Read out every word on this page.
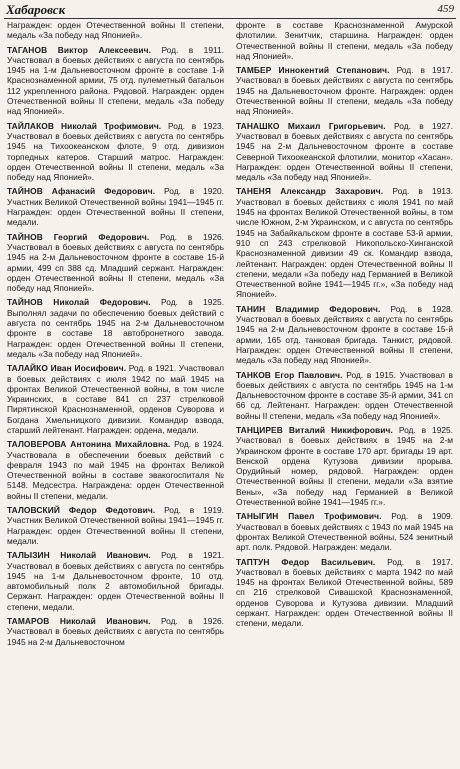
Хабаровск	459

Награжден: орден Отечественной войны II степени, медаль «За победу над Японией».

ТАГАНОВ Виктор Алексеевич. Род. в 1911. Участвовал в боевых действиях с августа по сентябрь 1945 на 1-м Дальневосточном фронте в составе 1-й Краснознаменной армии, 75 отд. пулеметный батальон 112 укрепленного района. Рядовой. Награжден: орден Отечественной войны II степени, медаль «За победу над Японией».

ТАЙЛАКОВ Николай Трофимович. Род. в 1923. Участвовал в боевых действиях с августа по сентябрь 1945 на Тихоокеанском флоте, 9 отд. дивизион торпедных катеров. Старший матрос. Награжден: орден Отечественной войны II степени, медаль «За победу над Японией».

ТАЙНОВ Афанасий Федорович. Род. в 1920. Участник Великой Отечественной войны 1941—1945 гг. Награжден: орден Отечественной войны II степени, медали.

ТАЙНОВ Георгий Федорович. Род. в 1926. Участвовал в боевых действиях с августа по сентябрь 1945 на 2-м Дальневосточном фронте в составе 15-й армии, 499 сп 388 сд. Младший сержант. Награжден: орден Отечественной войны II степени, медаль «За победу над Японией».

ТАЙНОВ Николай Федорович. Род. в 1925. Выполнял задачи по обеспечению боевых действий с августа по сентябрь 1945 на 2-м Дальневосточном фронте в составе 18 автобронетного завода. Награжден: орден Отечественной войны II степени, медаль «За победу над Японией».

ТАЛАЙКО Иван Иосифович. Род. в 1921. Участвовал в боевых действиях с июля 1942 по май 1945 на фронтах Великой Отечественной войны, в том числе Украинских, в составе 841 сп 237 стрелковой Пирятинской Краснознаменной, орденов Суворова и Богдана Хмельницкого дивизии. Командир взвода, старший лейтенант. Награжден: ордена, медали.

ТАЛОВЕРОВА Антонина Михайловна. Род. в 1924. Участвовала в обеспечении боевых действий с февраля 1943 по май 1945 на фронтах Великой Отечественной войны в составе эвакогоспиталя № 5148. Медсестра. Награждена: орден Отечественной войны II степени, медали.

ТАЛОВСКИЙ Федор Федотович. Род. в 1919. Участник Великой Отечественной войны 1941—1945 гг. Награжден: орден Отечественной войны II степени, медали.

ТАЛЫЗИН Николай Иванович. Род. в 1921. Участвовал в боевых действиях с августа по сентябрь 1945 на 1-м Дальневосточном фронте, 10 отд. автомобильный полк 2 автомобильной бригады. Сержант. Награжден: орден Отечественной войны II степени, медали.

ТАМАРОВ Николай Иванович. Род. в 1926. Участвовал в боевых действиях с августа по сентябрь 1945 на 2-м Дальневосточном

фронте в составе Краснознаменной Амурской флотилии. Зенитчик, старшина. Награжден: орден Отечественной войны II степени, медаль «За победу над Японией».

ТАМБЕР Иннокентий Степанович. Род. в 1917. Участвовал в боевых действиях с августа по сентябрь 1945 на Дальневосточном фронте. Награжден: орден Отечественной войны II степени, медаль «За победу над Японией».

ТАНАШКО Михаил Григорьевич. Род. в 1927. Участвовал в боевых действиях с августа по сентябрь 1945 на 2-м Дальневосточном фронте в составе Северной Тихоокеанской флотилии, монитор «Хасан». Награжден: орден Отечественной войны II степени, медаль «За победу над Японией».

ТАНЕНЯ Александр Захарович. Род. в 1913. Участвовал в боевых действиях с июля 1941 по май 1945 на фронтах Великой Отечественной войны, в том числе Южном, 2-м Украинском, и с августа по сентябрь 1945 на Забайкальском фронте в составе 53-й армии, 910 сп 243 стрелковой Никопольско-Хинганской Краснознаменной дивизии 49 ск. Командир взвода, лейтенант. Награжден: орден Отечественной войны II степени, медали «За победу над Германией в Великой Отечественной войне 1941—1945 гг.», «За победу над Японией».

ТАНИН Владимир Федорович. Род. в 1928. Участвовал в боевых действиях с августа по сентябрь 1945 на 2-м Дальневосточном фронте в составе 15-й армии, 165 отд. танковая бригада. Танкист, рядовой. Награжден: орден Отечественной войны II степени, медаль «За победу над Японией».

ТАНКОВ Егор Павлович. Род. в 1915. Участвовал в боевых действиях с августа по сентябрь 1945 на 1-м Дальневосточном фронте в составе 35-й армии, 341 сп 66 сд. Лейтенант. Награжден: орден Отечественной войны II степени, медаль «За победу над Японией».

ТАНЦИРЕВ Виталий Никифорович. Род. в 1925. Участвовал в боевых действиях в 1945 на 2-м Украинском фронте в составе 170 арт. бригады 19 арт. Венской ордена Кутузова дивизии прорыва. Орудийный номер, рядовой. Награжден: орден Отечественной войны II степени, медали «За взятие Вены», «За победу над Германией в Великой Отечественной войне 1941—1945 гг.».

ТАНЫГИН Павел Трофимович. Род. в 1909. Участвовал в боевых действиях с 1943 по май 1945 на фронтах Великой Отечественной войны, 524 зенитный арт. полк. Рядовой. Награжден: медали.

ТАПТУН Федор Васильевич. Род. в 1917. Участвовал в боевых действиях с марта 1942 по май 1945 на фронтах Великой Отечественной войны, 589 сп 216 стрелковой Сивашской Краснознаменной, орденов Суворова и Кутузова дивизии. Младший сержант. Награжден: орден Отечественной войны II степени, медали.
